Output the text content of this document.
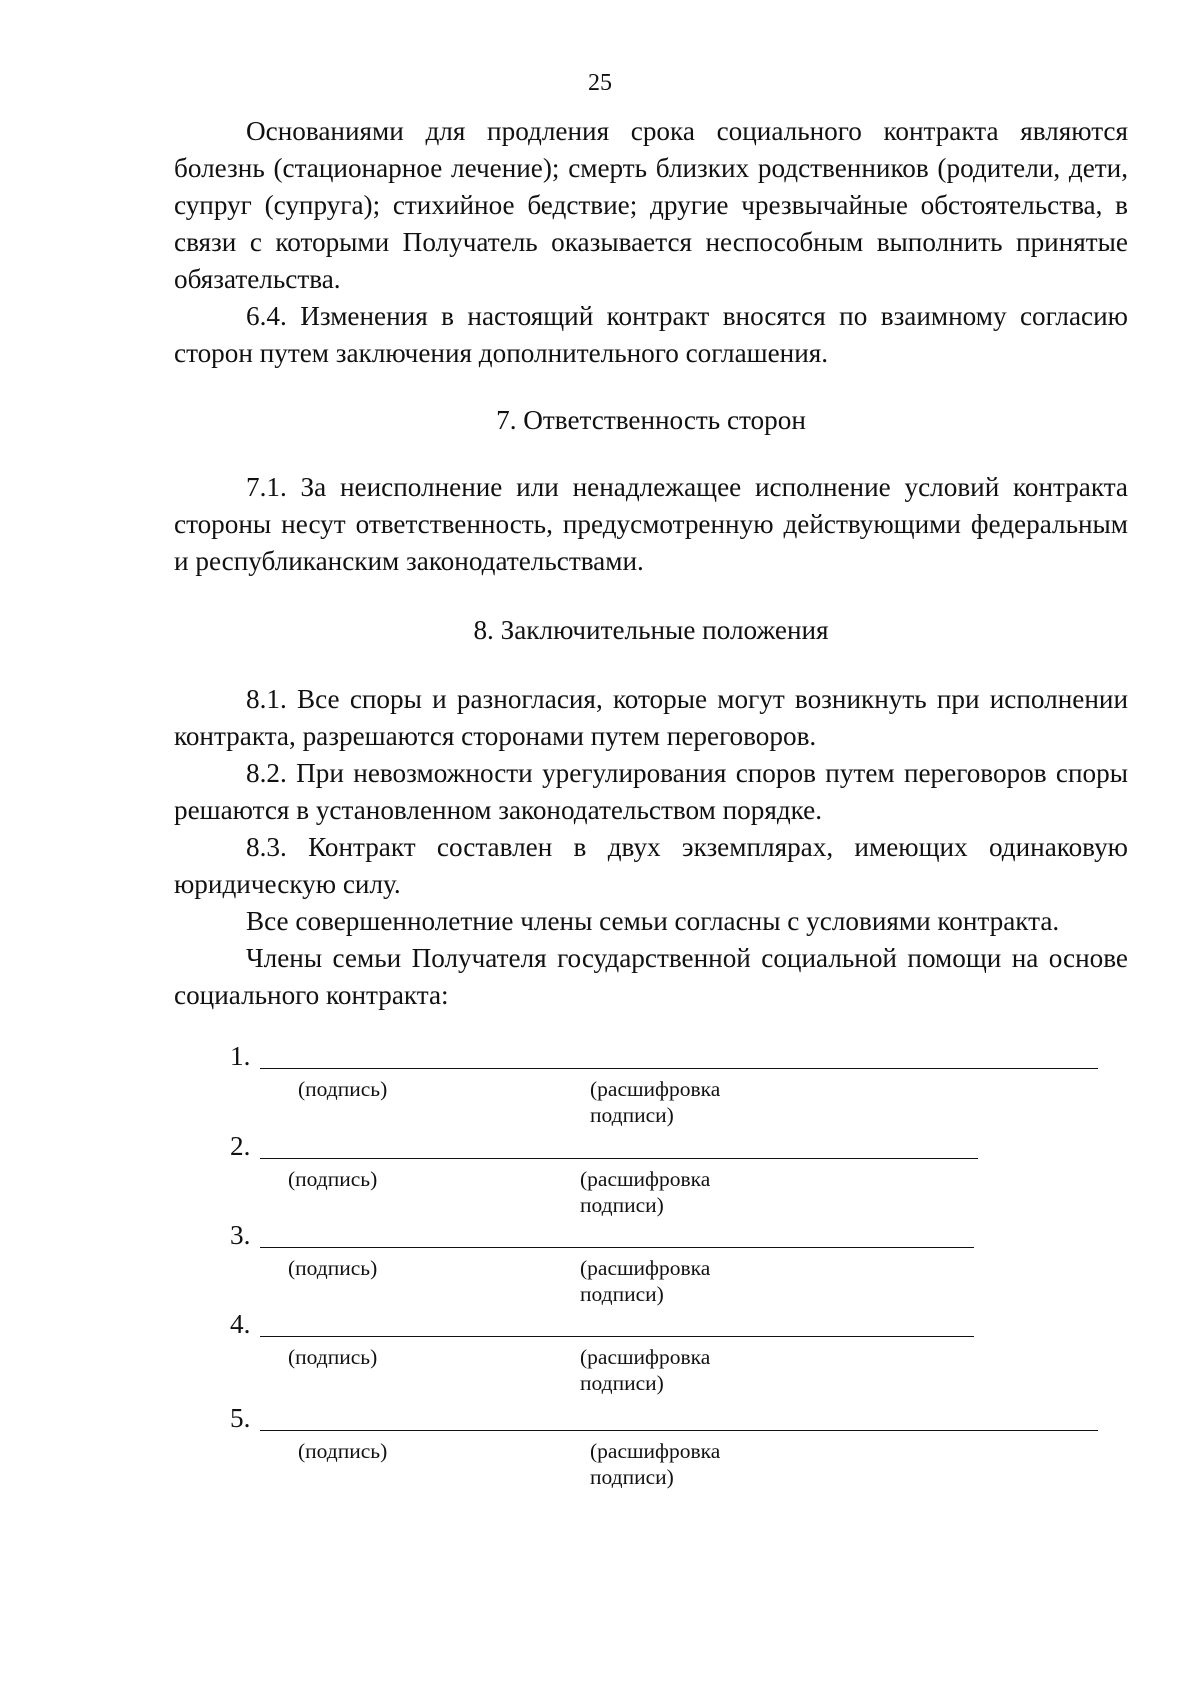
25

Основаниями для продления срока социального контракта являются болезнь (стационарное лечение); смерть близких родственников (родители, дети, супруг (супруга); стихийное бедствие; другие чрезвычайные обстоятельства, в связи с которыми Получатель оказывается неспособным выполнить принятые обязательства.

6.4. Изменения в настоящий контракт вносятся по взаимному согласию сторон путем заключения дополнительного соглашения.

7. Ответственность сторон

7.1. За неисполнение или ненадлежащее исполнение условий контракта стороны несут ответственность, предусмотренную действующими федеральным и республиканским законодательствами.

8. Заключительные положения

8.1. Все споры и разногласия, которые могут возникнуть при исполнении контракта, разрешаются сторонами путем переговоров.

8.2. При невозможности урегулирования споров путем переговоров споры решаются в установленном законодательством порядке.

8.3. Контракт составлен в двух экземплярах, имеющих одинаковую юридическую силу.

Все совершеннолетние члены семьи согласны с условиями контракта.

Члены семьи Получателя государственной социальной помощи на основе социального контракта:

1.
(подпись)	(расшифровка подписи)
2.
(подпись)	(расшифровка подписи)
3.
(подпись)	(расшифровка подписи)
4.
(подпись)	(расшифровка подписи)
5.
(подпись)	(расшифровка подписи)
